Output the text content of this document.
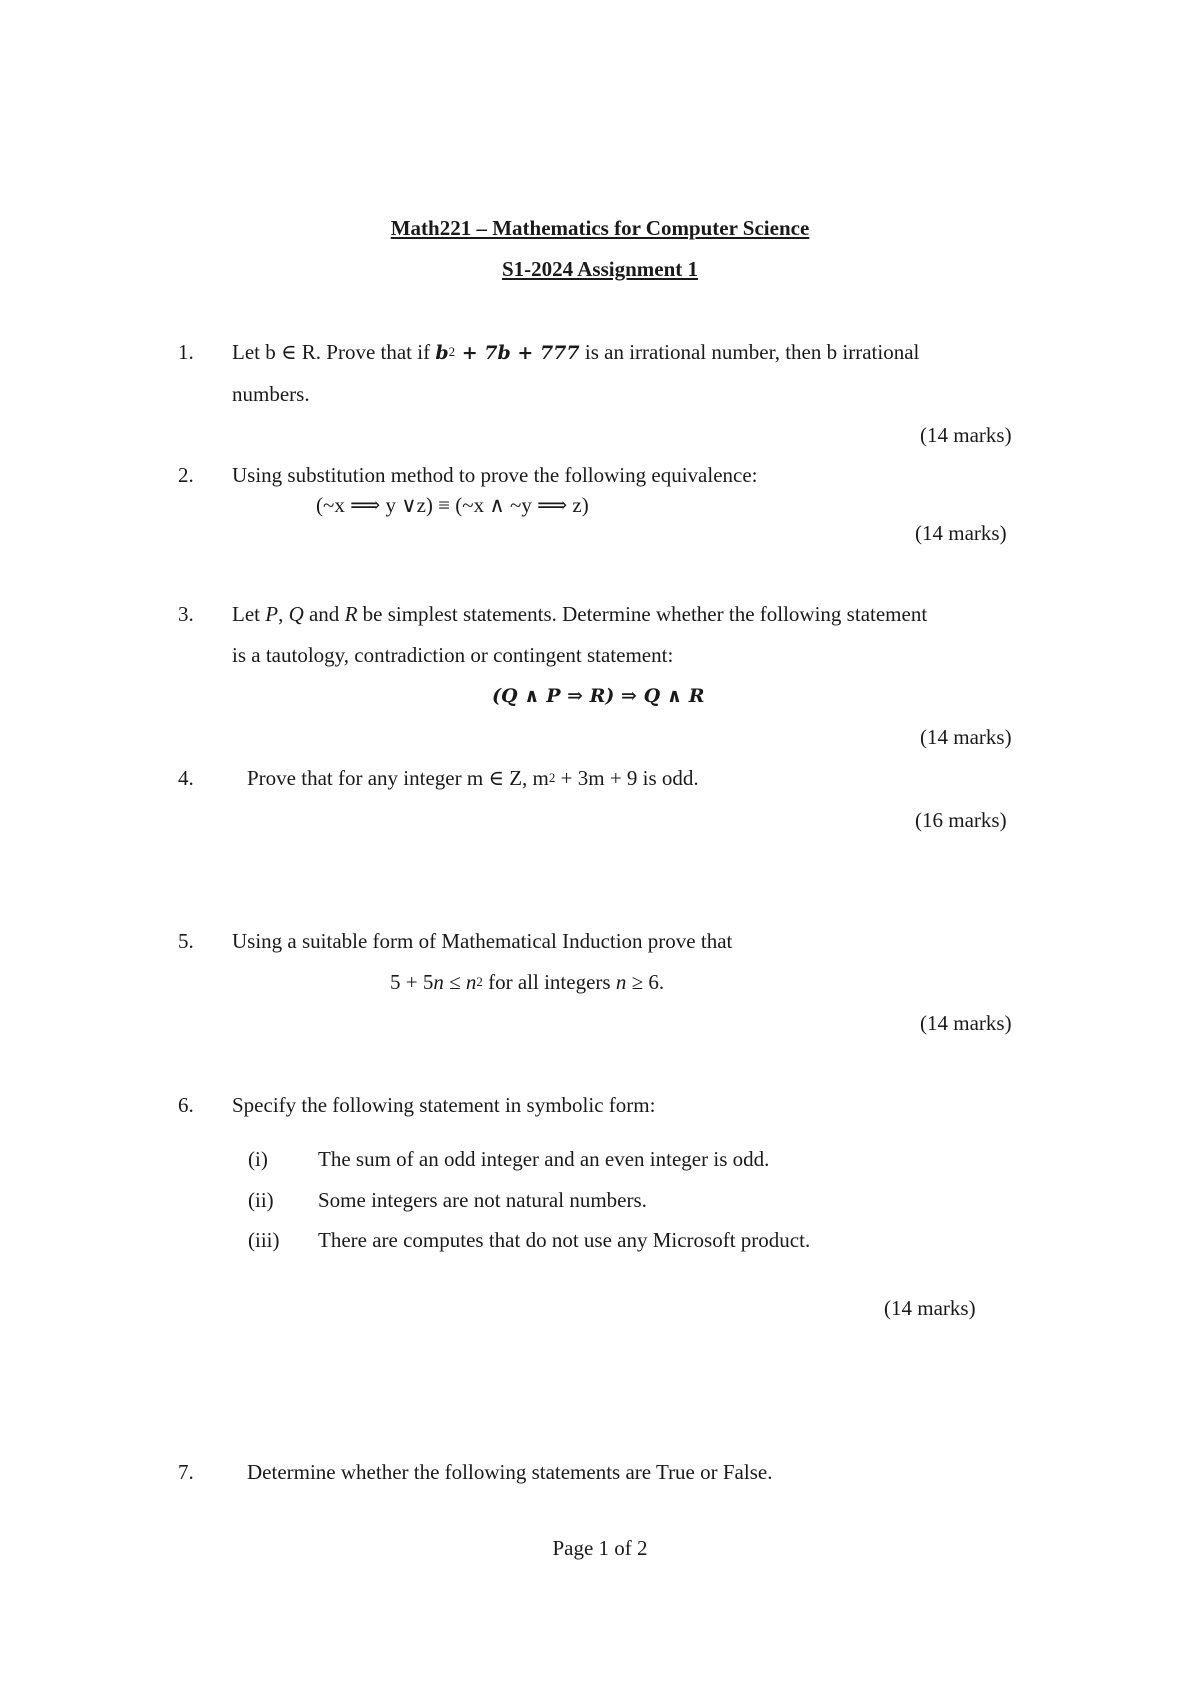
Math221 – Mathematics for Computer Science
S1-2024 Assignment 1
1. Let b ∈ R. Prove that if $b^2 + 7b + 777$ is an irrational number, then b irrational
numbers.
(14 marks)
2. Using substitution method to prove the following equivalence:
(~x ⟹ y ∨z) ≡ (~x ∧ ~y ⟹ z)
(14 marks)
3. Let P, Q and R be simplest statements. Determine whether the following statement
is a tautology, contradiction or contingent statement:
(Q ∧ P ⇒ R) ⇒ Q ∧ R
(14 marks)
4.	Prove that for any integer m ∈ Z, $m^2 + 3m + 9$ is odd.
(16 marks)
5. Using a suitable form of Mathematical Induction prove that
$5 + 5n \le n^2$ for all integers n ≥ 6.
(14 marks)
6. Specify the following statement in symbolic form:
(i) The sum of an odd integer and an even integer is odd.
(ii) Some integers are not natural numbers.
(iii) There are computes that do not use any Microsoft product.
(14 marks)
7.	Determine whether the following statements are True or False.
Page 1 of 2
